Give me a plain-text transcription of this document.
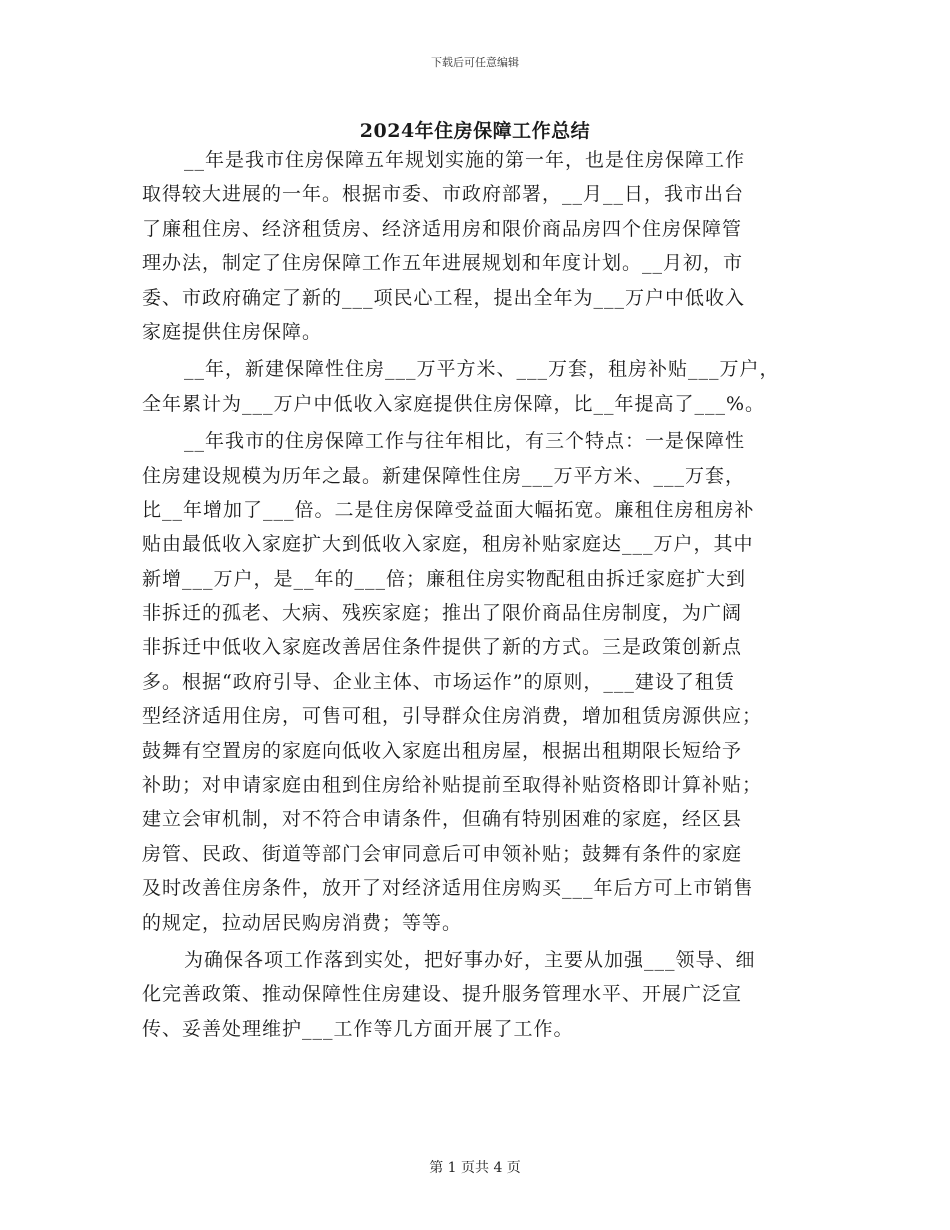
下载后可任意编辑
2024年住房保障工作总结
__年是我市住房保障五年规划实施的第一年，也是住房保障工作
取得较大进展的一年。根据市委、市政府部署，__月__日，我市出台
了廉租住房、经济租赁房、经济适用房和限价商品房四个住房保障管
理办法，制定了住房保障工作五年进展规划和年度计划。__月初，市
委、市政府确定了新的___项民心工程，提出全年为___万户中低收入
家庭提供住房保障。
__年，新建保障性住房___万平方米、___万套，租房补贴___万户，
全年累计为___万户中低收入家庭提供住房保障，比__年提高了___%。
__年我市的住房保障工作与往年相比，有三个特点：一是保障性
住房建设规模为历年之最。新建保障性住房___万平方米、___万套，
比__年增加了___倍。二是住房保障受益面大幅拓宽。廉租住房租房补
贴由最低收入家庭扩大到低收入家庭，租房补贴家庭达___万户，其中
新增___万户，是__年的___倍；廉租住房实物配租由拆迁家庭扩大到
非拆迁的孤老、大病、残疾家庭；推出了限价商品住房制度，为广阔
非拆迁中低收入家庭改善居住条件提供了新的方式。三是政策创新点
多。根据“政府引导、企业主体、市场运作”的原则，___建设了租赁
型经济适用住房，可售可租，引导群众住房消费，增加租赁房源供应；
鼓舞有空置房的家庭向低收入家庭出租房屋，根据出租期限长短给予
补助；对申请家庭由租到住房给补贴提前至取得补贴资格即计算补贴；
建立会审机制，对不符合申请条件，但确有特别困难的家庭，经区县
房管、民政、街道等部门会审同意后可申领补贴；鼓舞有条件的家庭
及时改善住房条件，放开了对经济适用住房购买___年后方可上市销售
的规定，拉动居民购房消费；等等。
为确保各项工作落到实处，把好事办好，主要从加强___领导、细
化完善政策、推动保障性住房建设、提升服务管理水平、开展广泛宣
传、妥善处理维护___工作等几方面开展了工作。
第 1 页共 4 页
